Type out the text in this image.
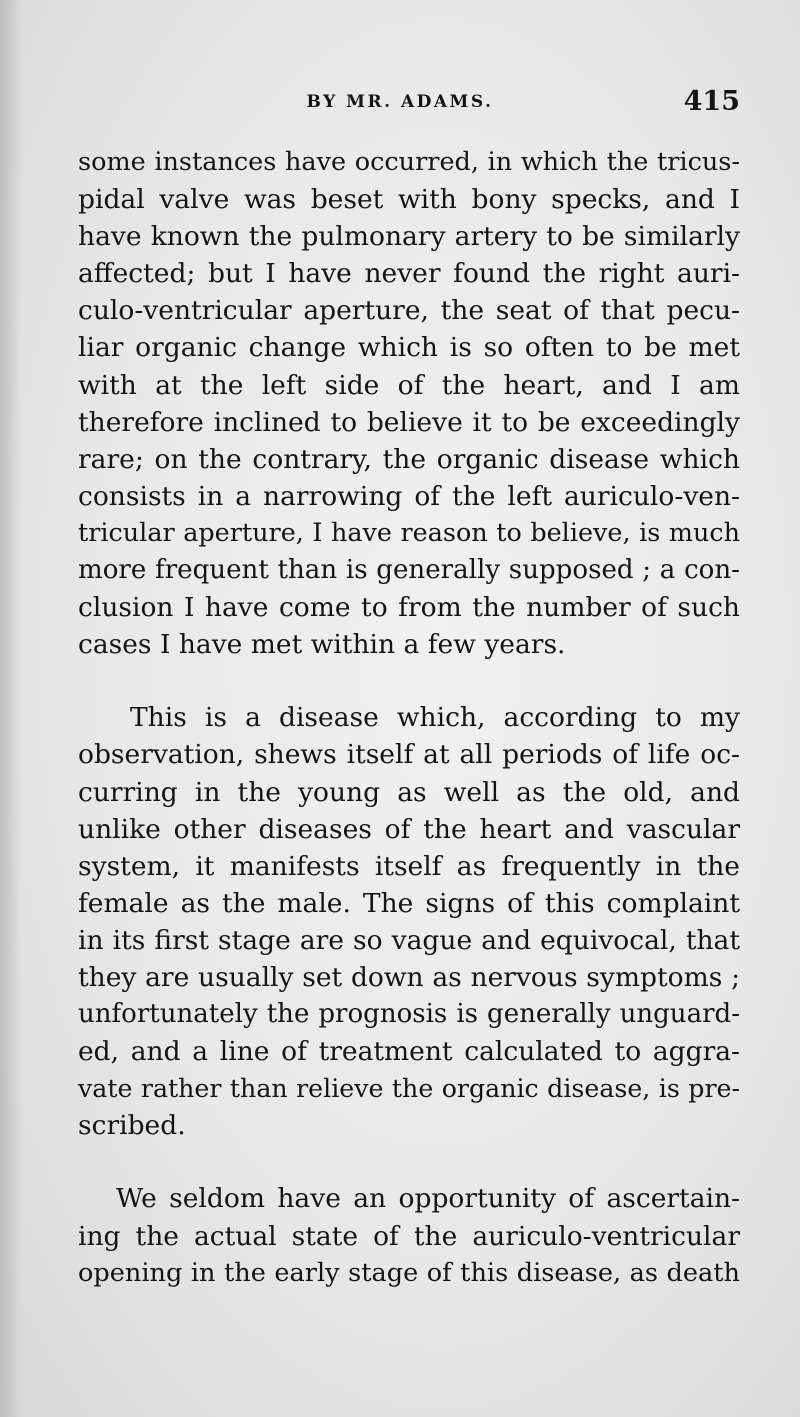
BY MR. ADAMS.	415
some instances have occurred, in which the tricus-
pidal valve was beset with bony specks, and I
have known the pulmonary artery to be similarly
affected; but I have never found the right auri-
culo-ventricular aperture, the seat of that pecu-
liar organic change which is so often to be met
with at the left side of the heart, and I am
therefore inclined to believe it to be exceedingly
rare; on the contrary, the organic disease which
consists in a narrowing of the left auriculo-ven-
tricular aperture, I have reason to believe, is much
more frequent than is generally supposed ; a con-
clusion I have come to from the number of such
cases I have met within a few years.
This is a disease which, according to my
observation, shews itself at all periods of life oc-
curring in the young as well as the old, and
unlike other diseases of the heart and vascular
system, it manifests itself as frequently in the
female as the male. The signs of this complaint
in its first stage are so vague and equivocal, that
they are usually set down as nervous symptoms ;
unfortunately the prognosis is generally unguard-
ed, and a line of treatment calculated to aggra-
vate rather than relieve the organic disease, is pre-
scribed.
We seldom have an opportunity of ascertain-
ing the actual state of the auriculo-ventricular
opening in the early stage of this disease, as death
